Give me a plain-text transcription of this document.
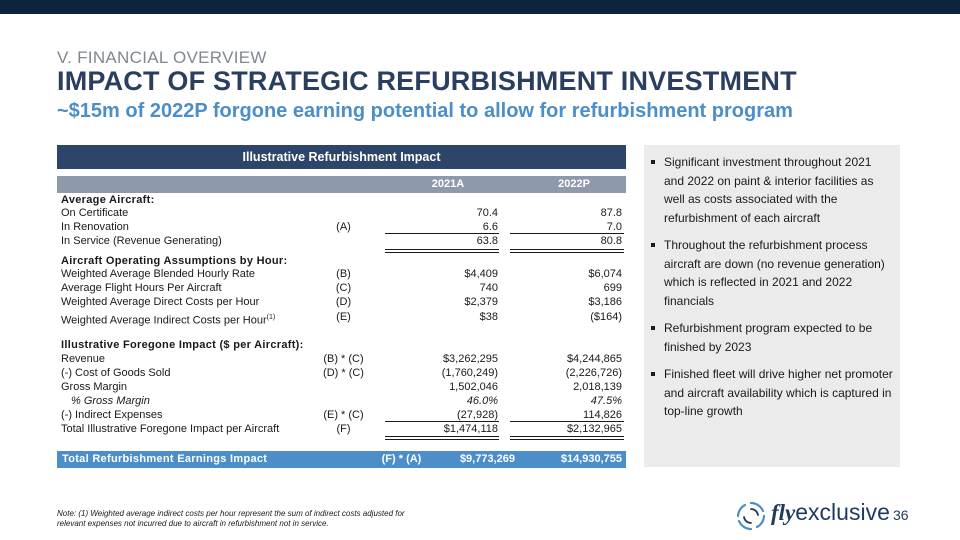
V. FINANCIAL OVERVIEW
IMPACT OF STRATEGIC REFURBISHMENT INVESTMENT
~$15m of 2022P forgone earning potential to allow for refurbishment program
Illustrative Refurbishment Impact
2021A	2022P
Average Aircraft:
On Certificate	70.4	87.8
In Renovation	(A)	6.6	7.0
In Service (Revenue Generating)	63.8	80.8
Aircraft Operating Assumptions by Hour:
Weighted Average Blended Hourly Rate	(B)	$4,409	$6,074
Average Flight Hours Per Aircraft	(C)	740	699
Weighted Average Direct Costs per Hour	(D)	$2,379	$3,186
Weighted Average Indirect Costs per Hour$^{(1)}$	(E)	$38	($164)
Illustrative Foregone Impact ($ per Aircraft):
Revenue	(B) * (C)	$3,262,295	$4,244,865
(-) Cost of Goods Sold	(D) * (C)	(1,760,249)	(2,226,726)
Gross Margin	1,502,046	2,018,139
% Gross Margin	46.0%	47.5%
(-) Indirect Expenses	(E) * (C)	(27,928)	114,826
Total Illustrative Foregone Impact per Aircraft	(F)	$1,474,118	$2,132,965
Total Refurbishment Earnings Impact	(F) * (A)	$9,773,269	$14,930,755
Significant investment throughout 2021 and 2022 on paint & interior facilities as well as costs associated with the refurbishment of each aircraft
Throughout the refurbishment process aircraft are down (no revenue generation) which is reflected in 2021 and 2022 financials
Refurbishment program expected to be finished by 2023
Finished fleet will drive higher net promoter and aircraft availability which is captured in top-line growth
Note: (1) Weighted average indirect costs per hour represent the sum of indirect costs adjusted for relevant expenses not incurred due to aircraft in refurbishment not in service.	flyexclusive 36
